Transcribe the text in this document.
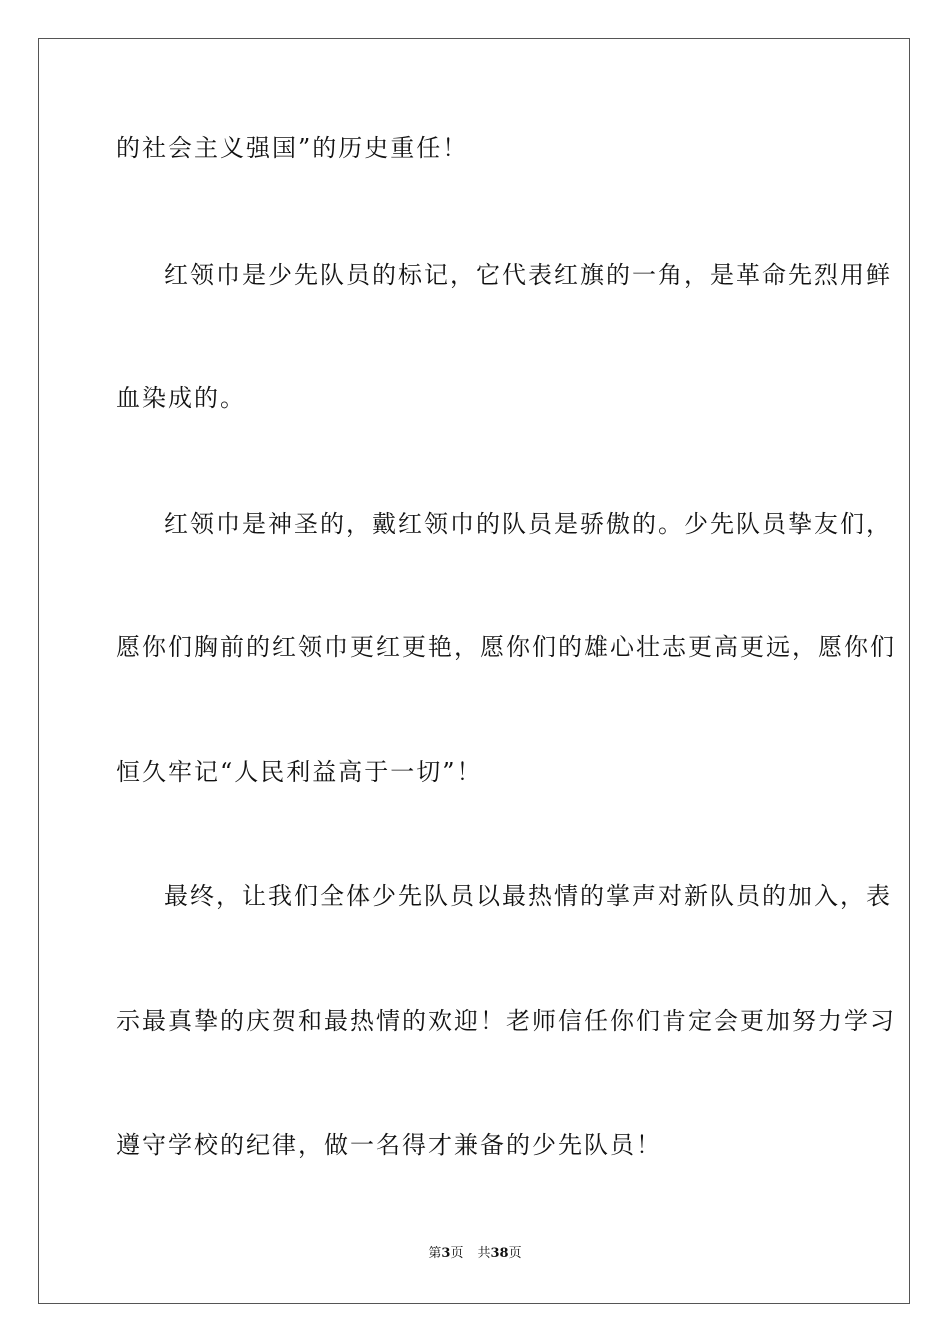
的社会主义强国”的历史重任！
红领巾是少先队员的标记，它代表红旗的一角，是革命先烈用鲜
血染成的。
红领巾是神圣的，戴红领巾的队员是骄傲的。少先队员挚友们，
愿你们胸前的红领巾更红更艳，愿你们的雄心壮志更高更远，愿你们
恒久牢记“人民利益高于一切”！
最终，让我们全体少先队员以最热情的掌声对新队员的加入，表
示最真挚的庆贺和最热情的欢迎！老师信任你们肯定会更加努力学习
遵守学校的纪律，做一名得才兼备的少先队员！
第3页 共38页
